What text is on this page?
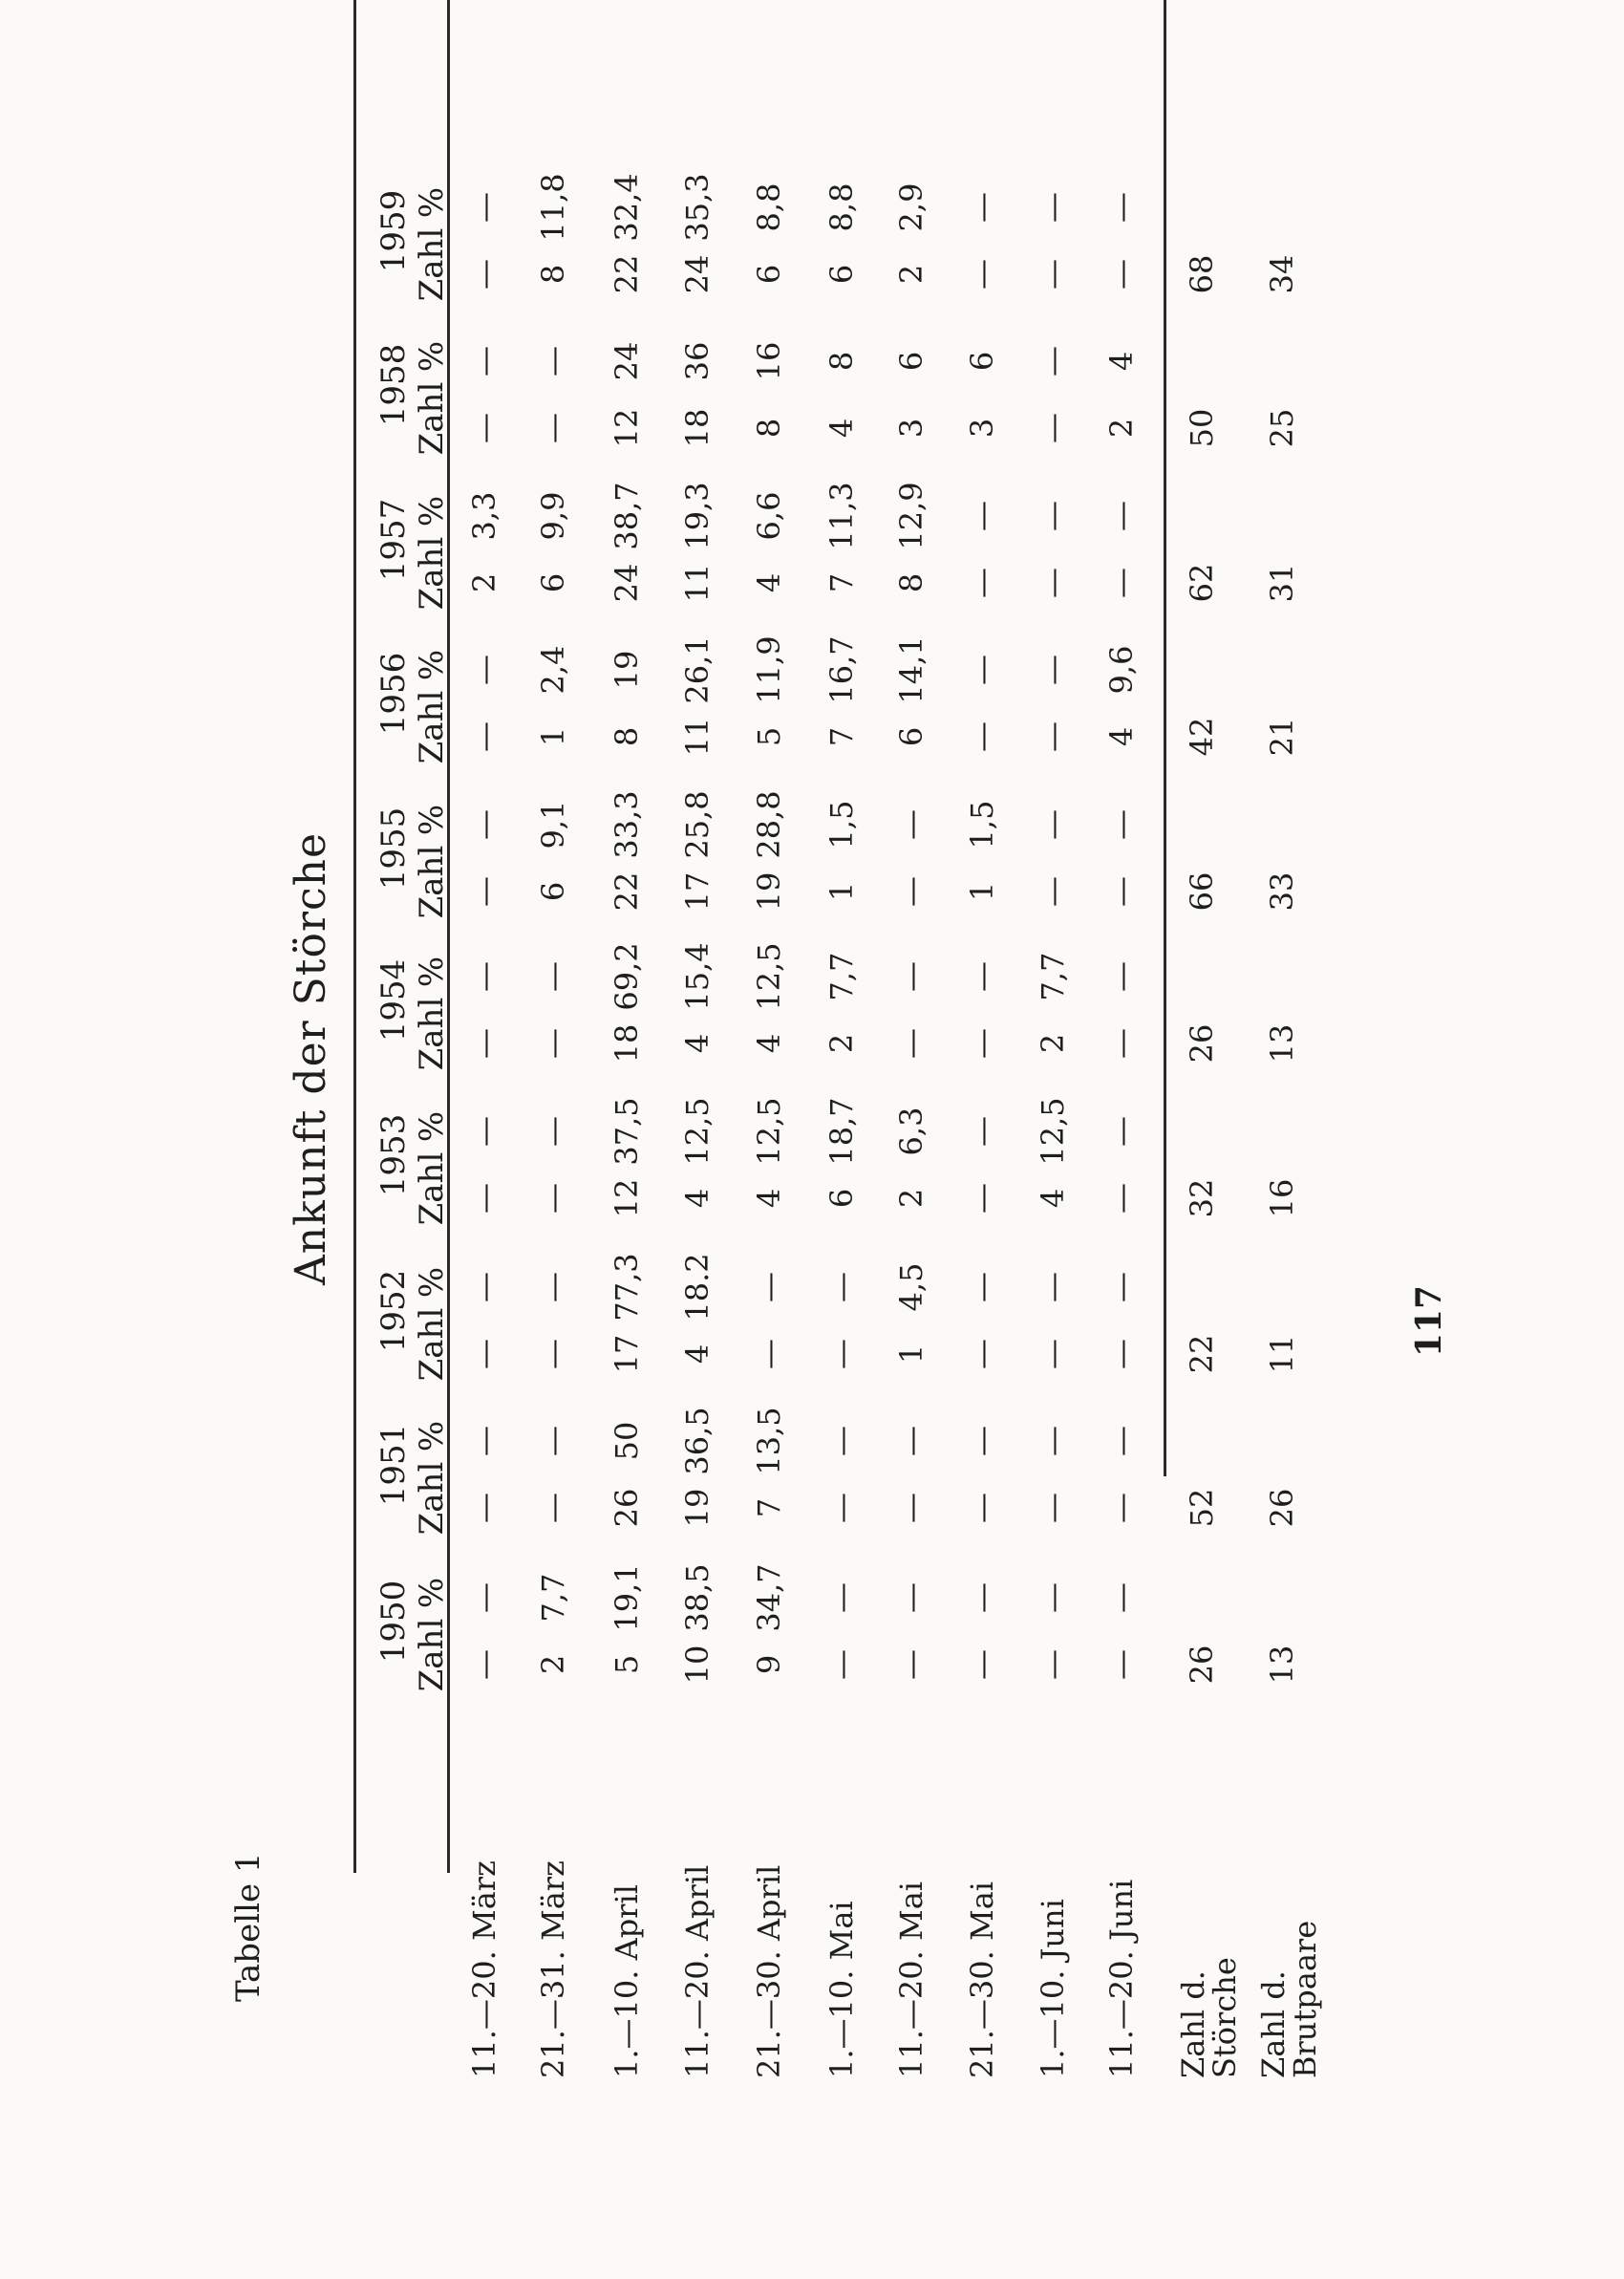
Tabelle 1
Ankunft der Störche
117
1950 Zahl
%
1951 Zahl
%
1952 Zahl
%
1953 Zahl
%
1954 Zahl
%
1955 Zahl
%
1956 Zahl
%
1957 Zahl
%
1958 Zahl
%
1959 Zahl
%
11.—20. März
—
—
—
—
—
—
—
—
—
—
—
—
—
—
2
3,3
—
—
—
—
21.—31. März
2
7,7
—
—
—
—
—
—
—
—
6
9,1
1
2,4
6
9,9
—
—
8
11,8
1.—10. April
5
19,1
26
50
17
77,3
12
37,5
18
69,2
22
33,3
8
19
24
38,7
12
24
22
32,4
11.—20. April
10
38,5
19
36,5
4
18.2
4
12,5
4
15,4
17
25,8
11
26,1
11
19,3
18
36
24
35,3
21.—30. April
9
34,7
7
13,5
—
—
4
12,5
4
12,5
19
28,8
5
11,9
4
6,6
8
16
6
8,8
1.—10. Mai
—
—
—
—
—
—
6
18,7
2
7,7
1
1,5
7
16,7
7
11,3
4
8
6
8,8
11.—20. Mai
—
—
—
—
1
4,5
2
6,3
—
—
—
—
6
14,1
8
12,9
3
6
2
2,9
21.—30. Mai
—
—
—
—
—
—
—
—
—
—
1
1,5
—
—
—
—
3
6
—
—
1.—10. Juni
—
—
—
—
—
—
4
12,5
2
7,7
—
—
—
—
—
—
—
—
—
—
11.—20. Juni
—
—
—
—
—
—
—
—
—
—
—
—
4
9,6
—
—
2
4
—
—
Zahl d.
Störche
26
52
22
32
26
66
42
62
50
68
Zahl d.
Brutpaare
13
26
11
16
13
33
21
31
25
34
